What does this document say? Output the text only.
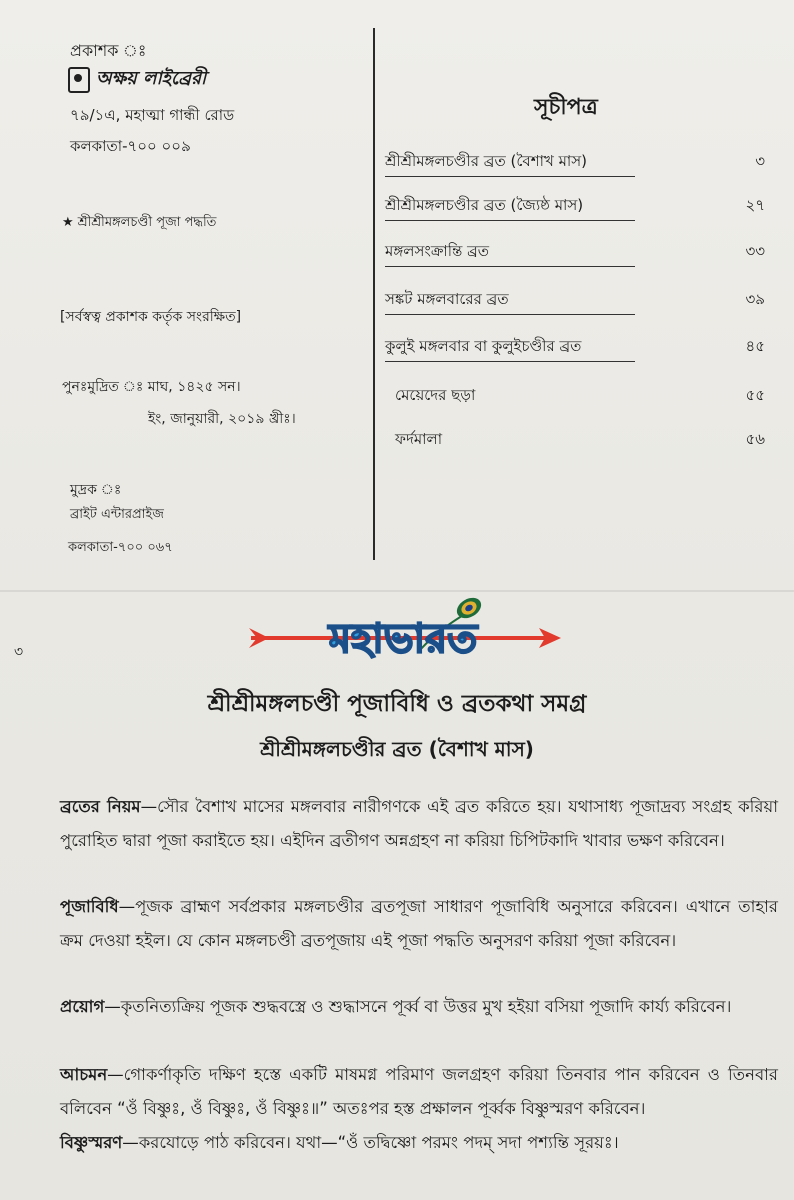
প্রকাশক ঃ
অক্ষয় লাইব্রেরী
৭৯/১এ, মহাত্মা গান্ধী রোড
কলকাতা-৭০০ ০০৯
★ শ্রীশ্রীমঙ্গলচণ্ডী পূজা পদ্ধতি
[সর্বস্বত্ব প্রকাশক কর্তৃক সংরক্ষিত]
পুনঃমুদ্রিত ঃ মাঘ, ১৪২৫ সন।
ইং, জানুয়ারী, ২০১৯ খ্রীঃ।
মুদ্রক ঃ
ব্রাইট এন্টারপ্রাইজ
কলকাতা-৭০০ ০৬৭
সূচীপত্র
শ্রীশ্রীমঙ্গলচণ্ডীর ব্রত (বৈশাখ মাস)	৩
শ্রীশ্রীমঙ্গলচণ্ডীর ব্রত (জ্যৈষ্ঠ মাস)	২৭
মঙ্গলসংক্রান্তি ব্রত	৩৩
সঙ্কট মঙ্গলবারের ব্রত	৩৯
কুলুই মঙ্গলবার বা কুলুইচণ্ডীর ব্রত	৪৫
মেয়েদের ছড়া	৫৫
ফর্দমালা	৫৬
মহাভারত
৩
শ্রীশ্রীমঙ্গলচণ্ডী পূজাবিধি ও ব্রতকথা সমগ্র
শ্রীশ্রীমঙ্গলচণ্ডীর ব্রত (বৈশাখ মাস)
ব্রতের নিয়ম—সৌর বৈশাখ মাসের মঙ্গলবার নারীগণকে এই ব্রত করিতে হয়। যথাসাধ্য পূজাদ্রব্য সংগ্রহ করিয়া পুরোহিত দ্বারা পূজা করাইতে হয়। এইদিন ব্রতীগণ অন্নগ্রহণ না করিয়া চিপিটকাদি খাবার ভক্ষণ করিবেন।
পূজাবিধি—পূজক ব্রাহ্মণ সর্বপ্রকার মঙ্গলচণ্ডীর ব্রতপূজা সাধারণ পূজাবিধি অনুসারে করিবেন। এখানে তাহার ক্রম দেওয়া হইল। যে কোন মঙ্গলচণ্ডী ব্রতপূজায় এই পূজা পদ্ধতি অনুসরণ করিয়া পূজা করিবেন।
প্রয়োগ—কৃতনিত্যক্রিয় পূজক শুদ্ধবস্ত্রে ও শুদ্ধাসনে পূর্ব্ব বা উত্তর মুখ হইয়া বসিয়া পূজাদি কার্য্য করিবেন।
আচমন—গোকর্ণাকৃতি দক্ষিণ হস্তে একটি মাষমগ্ন পরিমাণ জলগ্রহণ করিয়া তিনবার পান করিবেন ও তিনবার বলিবেন “ওঁ বিষ্ণুঃ, ওঁ বিষ্ণুঃ, ওঁ বিষ্ণুঃ॥” অতঃপর হস্ত প্রক্ষালন পূর্ব্বক বিষ্ণুস্মরণ করিবেন।
বিষ্ণুস্মরণ—করযোড়ে পাঠ করিবেন। যথা—“ওঁ তদ্বিষ্ণো পরমং পদম্ সদা পশ্যন্তি সূরয়ঃ।
